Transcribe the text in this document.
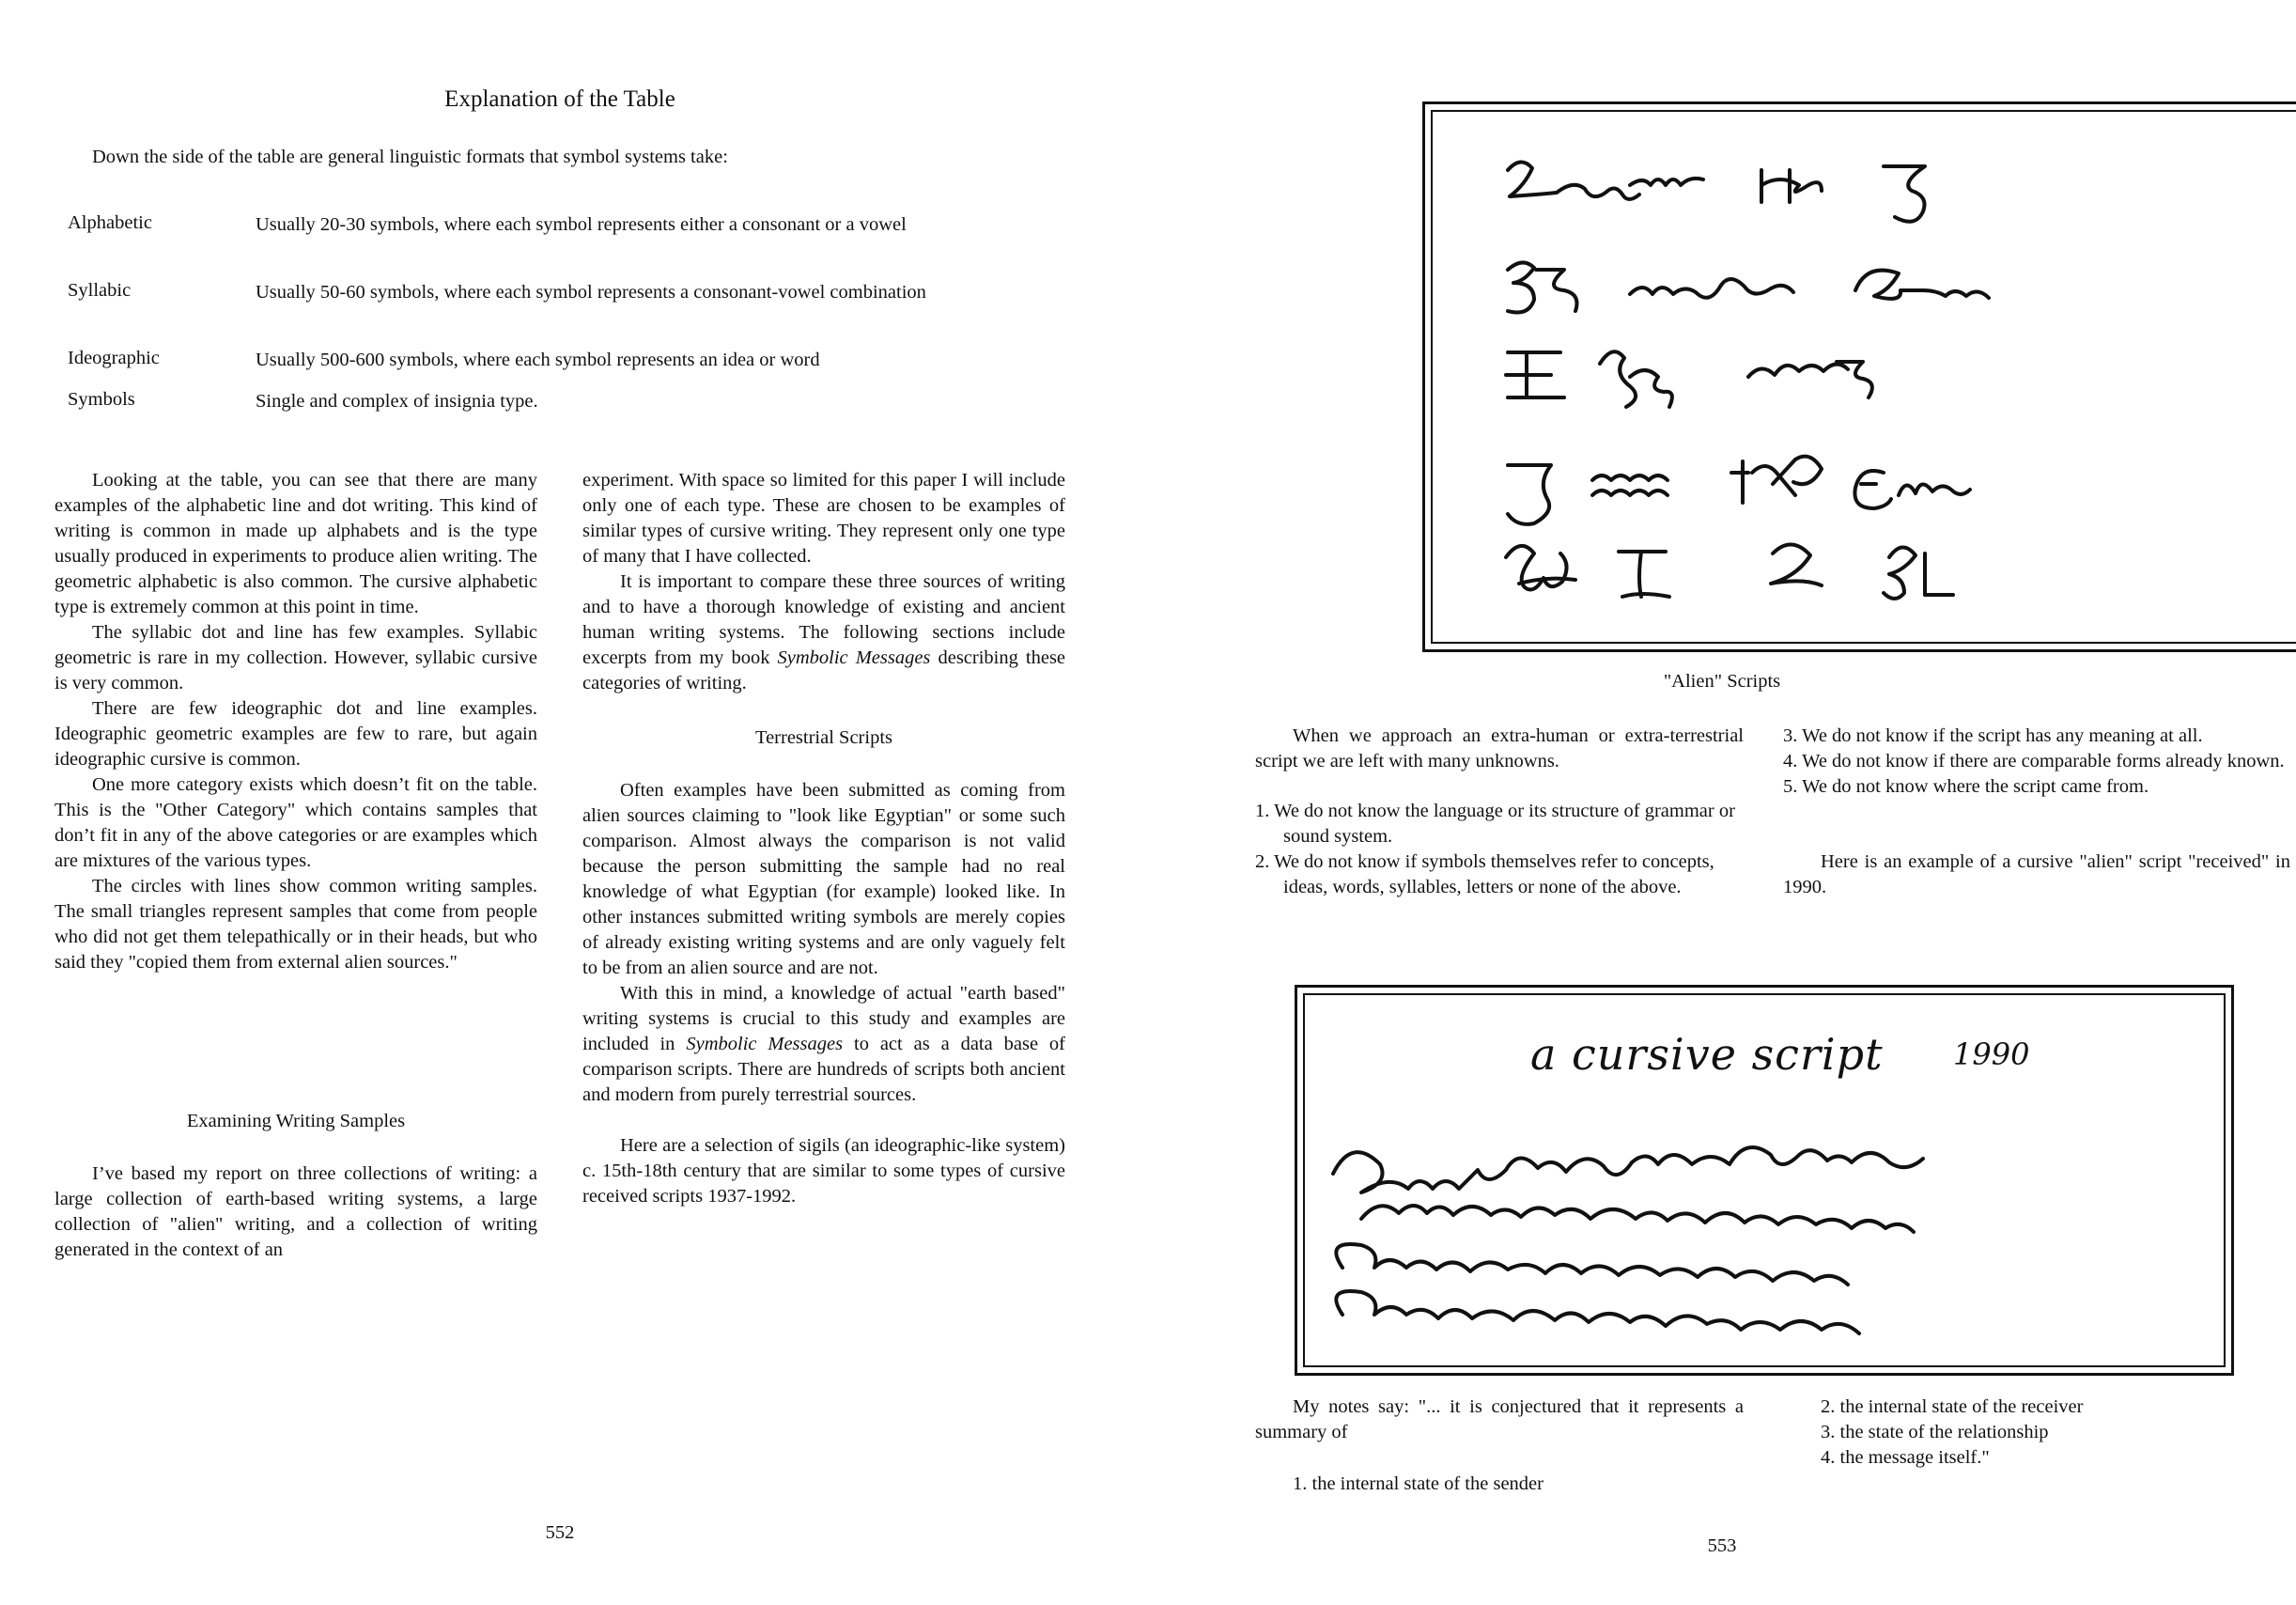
Explanation of the Table
Down the side of the table are general linguistic formats that symbol systems take:
Alphabetic	Usually 20-30 symbols, where each symbol represents either a consonant or a vowel
Syllabic	Usually 50-60 symbols, where each symbol represents a consonant-vowel combination
Ideographic	Usually 500-600 symbols, where each symbol represents an idea or word
Symbols	Single and complex of insignia type.

Looking at the table, you can see that there are many examples of the alphabetic line and dot writing. This kind of writing is common in made up alphabets and is the type usually produced in experiments to produce alien writing. The geometric alphabetic is also common. The cursive alphabetic type is extremely common at this point in time.

The syllabic dot and line has few examples. Syllabic geometric is rare in my collection. However, syllabic cursive is very common.

There are few ideographic dot and line examples. Ideographic geometric examples are few to rare, but again ideographic cursive is common.

One more category exists which doesn’t fit on the table. This is the "Other Category" which contains samples that don’t fit in any of the above categories or are examples which are mixtures of the various types.

The circles with lines show common writing samples. The small triangles represent samples that come from people who did not get them telepathically or in their heads, but who said they "copied them from external alien sources."

Examining Writing Samples

I’ve based my report on three collections of writing: a large collection of earth-based writing systems, a large collection of "alien" writing, and a collection of writing generated in the context of an

experiment. With space so limited for this paper I will include only one of each type. These are chosen to be examples of similar types of cursive writing. They represent only one type of many that I have collected.

It is important to compare these three sources of writing and to have a thorough knowledge of existing and ancient human writing systems. The following sections include excerpts from my book Symbolic Messages describing these categories of writing.

Terrestrial Scripts

Often examples have been submitted as coming from alien sources claiming to "look like Egyptian" or some such comparison. Almost always the comparison is not valid because the person submitting the sample had no real knowledge of what Egyptian (for example) looked like. In other instances submitted writing symbols are merely copies of already existing writing systems and are only vaguely felt to be from an alien source and are not.

With this in mind, a knowledge of actual "earth based" writing systems is crucial to this study and examples are included in Symbolic Messages to act as a data base of comparison scripts. There are hundreds of scripts both ancient and modern from purely terrestrial sources.

Here are a selection of sigils (an ideographic-like system) c. 15th-18th century that are similar to some types of cursive received scripts 1937-1992.

552
"Alien" Scripts

When we approach an extra-human or extra-terrestrial script we are left with many unknowns.

1. We do not know the language or its structure of grammar or sound system.
2. We do not know if symbols themselves refer to concepts, ideas, words, syllables, letters or none of the above.
3. We do not know if the script has any meaning at all.
4. We do not know if there are comparable forms already known.
5. We do not know where the script came from.

Here is an example of a cursive "alien" script "received" in 1990.

a cursive script 1990

My notes say: "... it is conjectured that it represents a summary of

1. the internal state of the sender
2. the internal state of the receiver
3. the state of the relationship
4. the message itself."
553
